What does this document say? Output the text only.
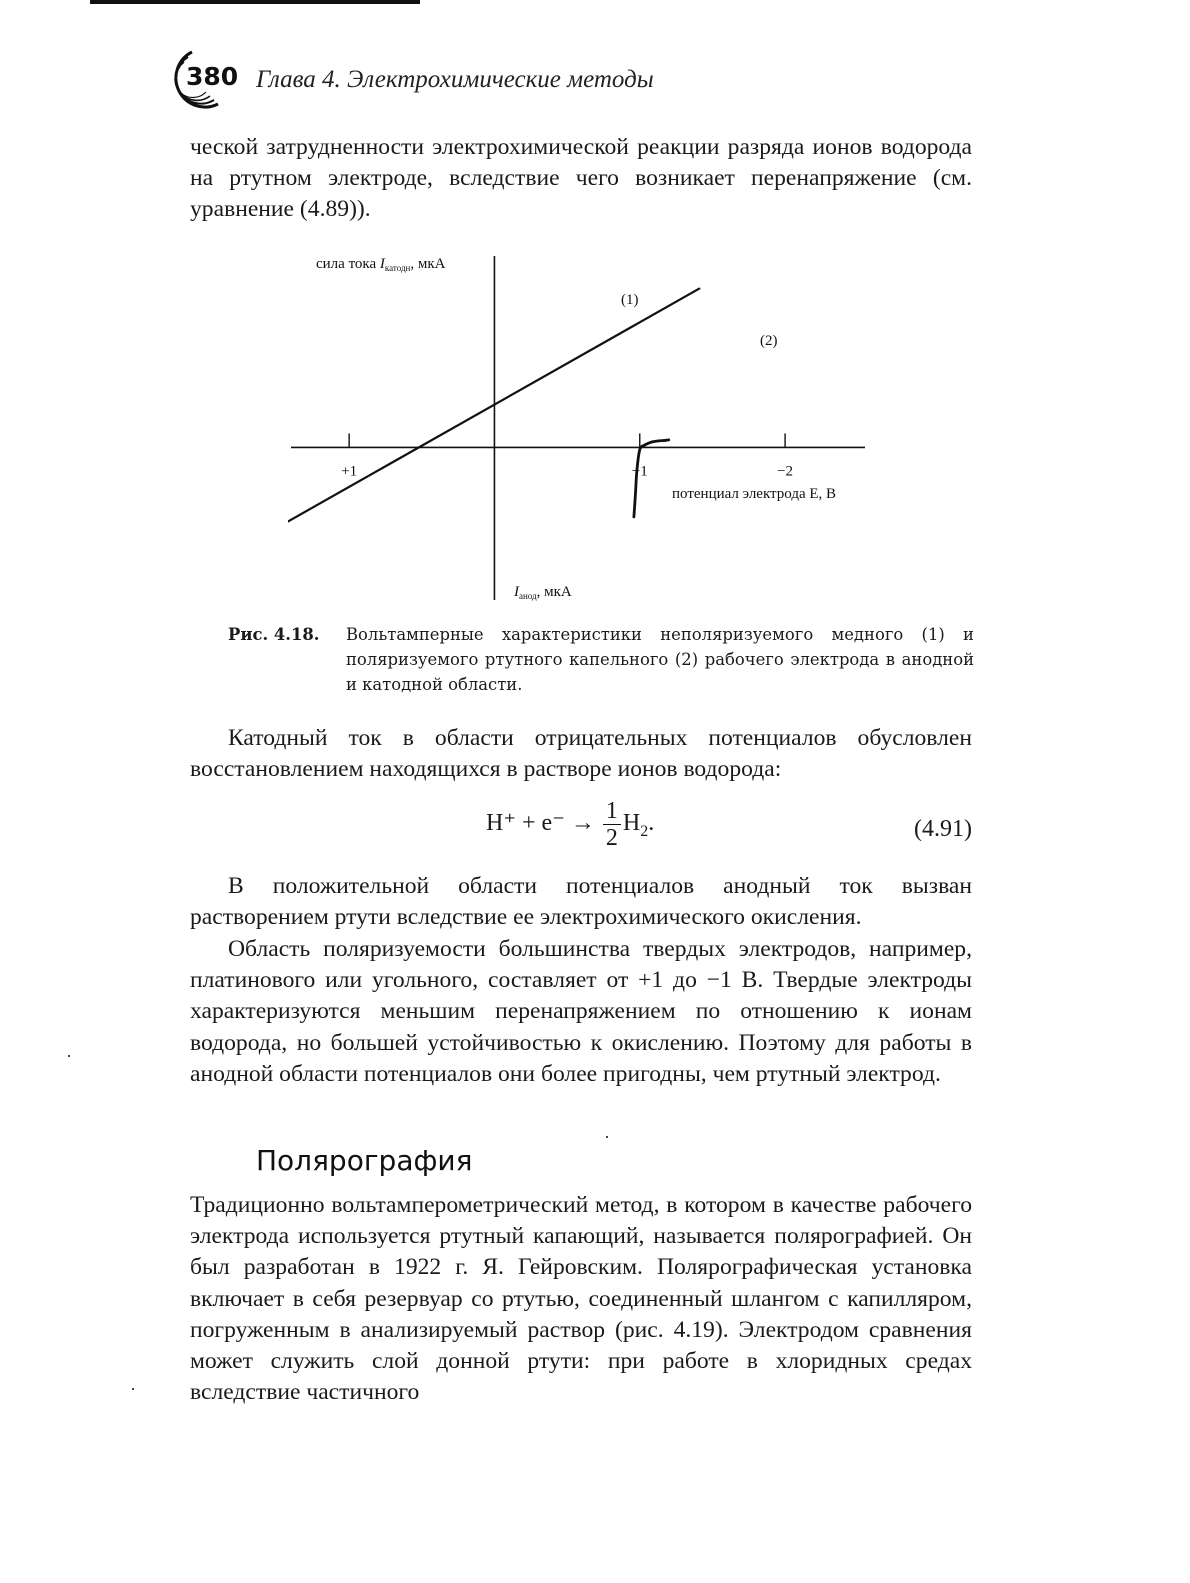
380 Глава 4. Электрохимические методы

ческой затрудненности электрохимической реакции разряда ионов водорода на ртутном электроде, вследствие чего возникает перенапряжение (см. уравнение (4.89)).

+1	−1	−2
сила тока $I_{катодн}$, мкА
$I_{анод}$, мкА
потенциал электрода E, В
(1)
(2)
Рис. 4.18. Вольтамперные характеристики неполяризуемого медного (1) и поляризуемого ртутного капельного (2) рабочего электрода в анодной и катодной области.

Катодный ток в области отрицательных потенциалов обусловлен восстановлением находящихся в растворе ионов водорода:

$H^+ + e^- \to \frac{1}{2} H_2$.	(4.91)

В положительной области потенциалов анодный ток вызван растворением ртути вследствие ее электрохимического окисления.

Область поляризуемости большинства твердых электродов, например, платинового или угольного, составляет от +1 до −1 В. Твердые электроды характеризуются меньшим перенапряжением по отношению к ионам водорода, но большей устойчивостью к окислению. Поэтому для работы в анодной области потенциалов они более пригодны, чем ртутный электрод.

Полярография

Традиционно вольтамперометрический метод, в котором в качестве рабочего электрода используется ртутный капающий, называется полярографией. Он был разработан в 1922 г. Я. Гейровским. Полярографическая установка включает в себя резервуар со ртутью, соединенный шлангом с капилляром, погруженным в анализируемый раствор (рис. 4.19). Электродом сравнения может служить слой донной ртути: при работе в хлоридных средах вследствие частичного
